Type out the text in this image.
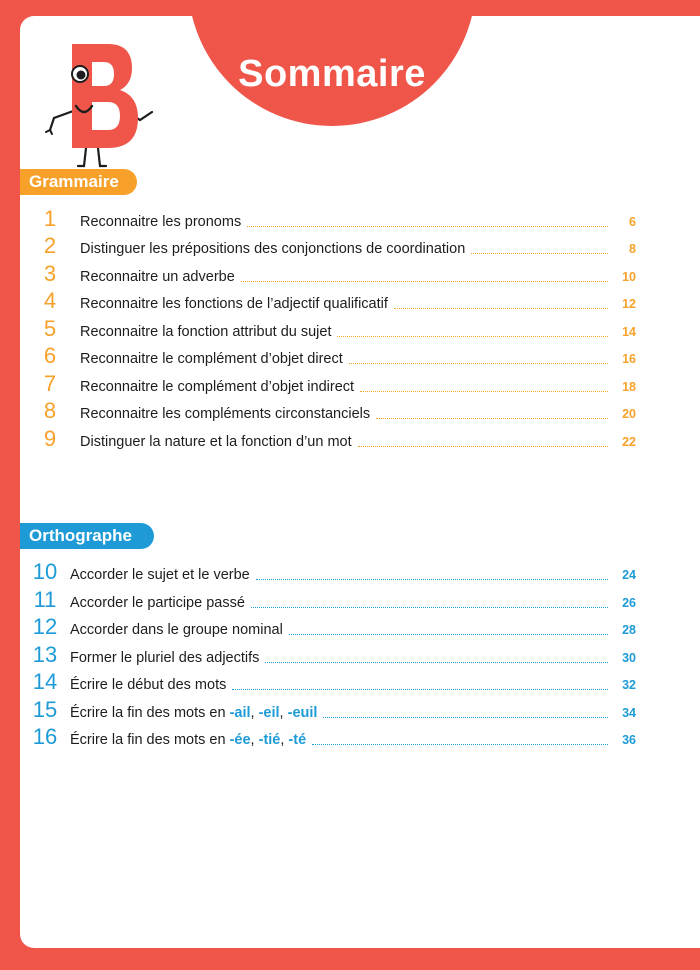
Sommaire
Grammaire
1	Reconnaitre les pronoms	6
2	Distinguer les prépositions des conjonctions de coordination	8
3	Reconnaitre un adverbe	10
4	Reconnaitre les fonctions de l’adjectif qualificatif	12
5	Reconnaitre la fonction attribut du sujet	14
6	Reconnaitre le complément d’objet direct	16
7	Reconnaitre le complément d’objet indirect	18
8	Reconnaitre les compléments circonstanciels	20
9	Distinguer la nature et la fonction d’un mot	22
Orthographe
10 Accorder le sujet et le verbe	24
11 Accorder le participe passé	26
12 Accorder dans le groupe nominal	28
13 Former le pluriel des adjectifs	30
14 Écrire le début des mots	32
15 Écrire la fin des mots en -ail, -eil, -euil	34
16 Écrire la fin des mots en -ée, -tié, -té	36
